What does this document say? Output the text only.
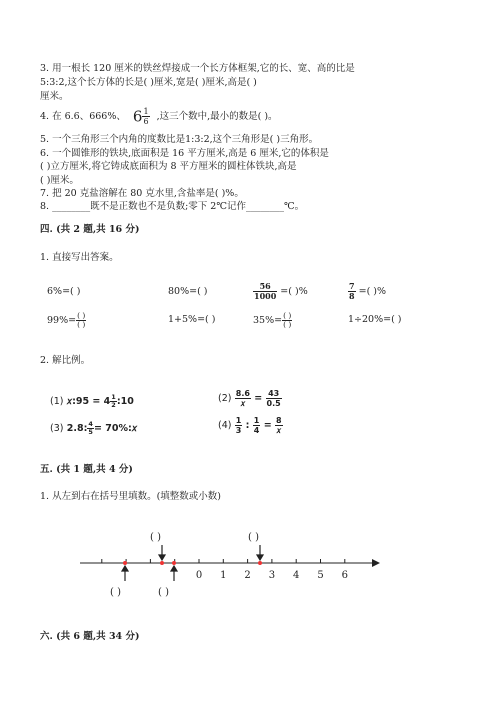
3. 用一根长 120 厘米的铁丝焊接成一个长方体框架,它的长、宽、高的比是
5:3:2,这个长方体的长是( )厘米,宽是( )厘米,高是( )
厘米。
4. 在 6.6、666%、 $6 \frac{1}{6}$ ,这三个数中,最小的数是( )。
5. 一个三角形三个内角的度数比是1:3:2,这个三角形是( )三角形。
6. 一个圆锥形的铁块,底面积是 16 平方厘米,高是 6 厘米,它的体积是
( )立方厘米,将它铸成底面积为 8 平方厘米的圆柱体铁块,高是
( )厘米。
7. 把 20 克盐溶解在 80 克水里,含盐率是( )%。
8. ________既不是正数也不是负数;零下 2℃记作________℃。
四. (共 2 题,共 16 分)
1. 直接写出答案。
6%=( )	80%=( )	$\frac{56}{1000}$ =( )%	$\frac{7}{8}$ =( )%
$99\%= \frac{( )}{( )}$	1+5%=( )	$35\%= \frac{( )}{( )}$	1÷20%=( )
2. 解比例。
(1) 𝑥:95 = $4 \frac{1}{2}$ :10	$(2) \frac{8.6}{\text{𝑥}} = \frac{43}{0.5}$
(3) 2.8: $\frac{4}{5}$ = 70%:𝑥	$(4) \frac{1}{3}$ : $\frac{1}{4} = \frac{8}{\text{𝑥}}$
五. (共 1 题,共 4 分)
1. 从左到右在括号里填数。(填整数或小数)
0 1 2 3 4 5 6
( )	( )
( )	( )
六. (共 6 题,共 34 分)
